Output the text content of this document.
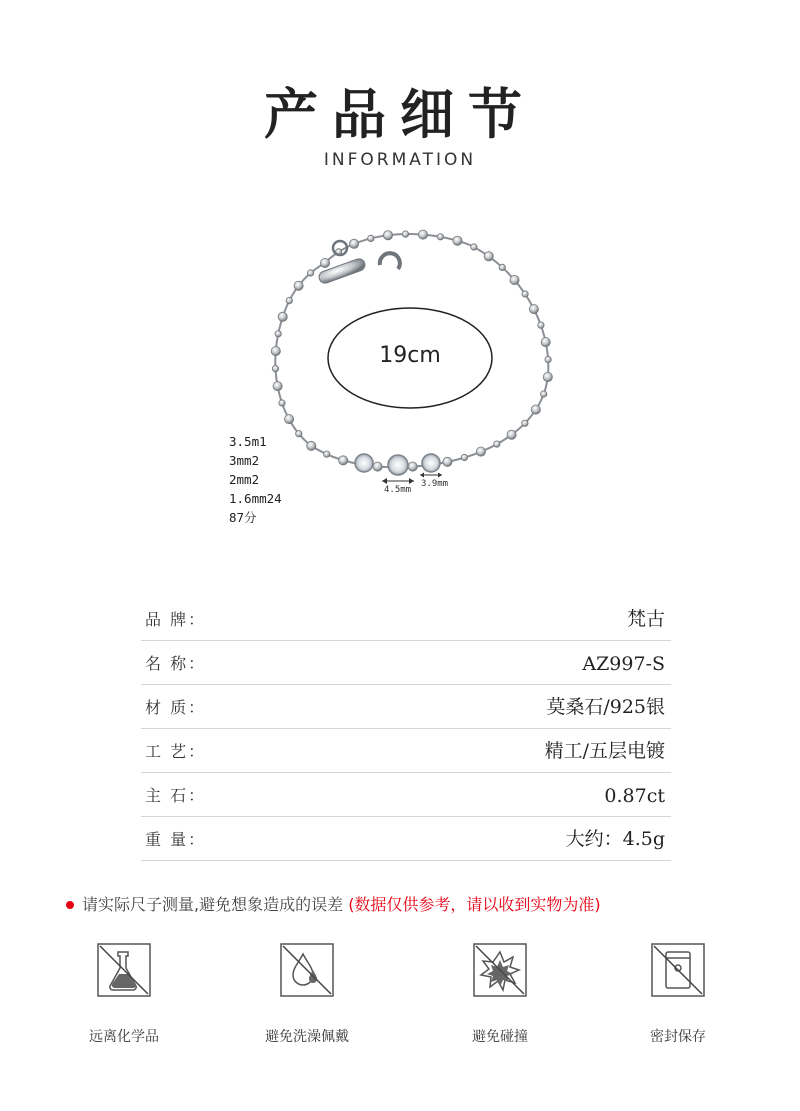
产品细节
INFORMATION
19cm
4.5mm
3.9mm
3.5m1
3mm2
2mm2
1.6mm24
87分
品 牌：	梵古
名 称：	AZ997-S
材 质：	莫桑石/925银
工 艺：	精工/五层电镀
主 石：	0.87ct
重 量：	大约：4.5g
请实际尺子测量,避免想象造成的误差 (数据仅供参考，请以收到实物为准)
远离化学品	避免洗澡佩戴	避免碰撞	密封保存
